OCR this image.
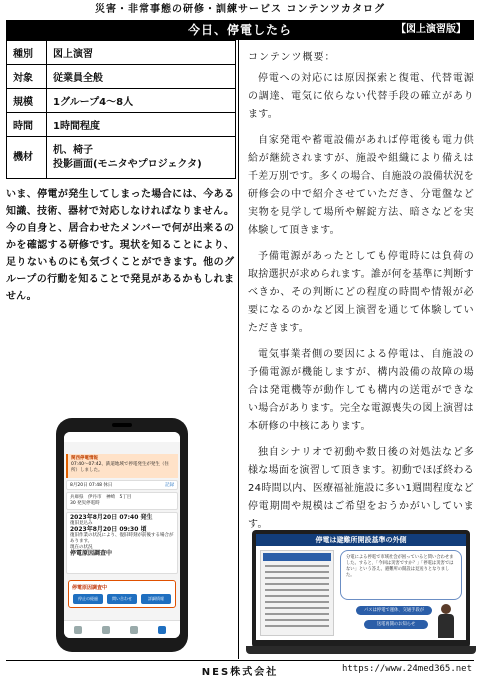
災害・非常事態の研修・訓練サービス コンテンツカタログ
今日、停電したら	【図上演習版】
種別	図上演習
対象	従業員全般
規模	1グループ4～8人
時間	1時間程度
機材	机、椅子
投影画面(モニタやプロジェクタ)
いま、停電が発生してしまった場合には、今ある知識、技術、器材で対応しなければなりません。今の自身と、居合わせたメンバーで何が出来るのかを確認する研修です。現状を知ることにより、足りないものにも気づくことができます。他のグループの行動を知ることで発見があるかもしれません。
関西停電情報
07:40～07:42、鉄道地域で停電発生が発生（住所）しました。
8月20日 07:48 休日	記録
兵庫県　伊丹市　神崎　5丁目
30 発災停電時
2023年8月20日 07:40 発生
復旧見込み
2023年8月20日 09:30 頃
復旧作業の状況により、復旧時刻が前後する場合があります。
現在の状況
停電原因調査中
停電原因調査中
停止の経過	問い合わせ	詳細情報
コンテンツ概要：

停電への対応には原因探索と復電、代替電源の調達、電気に依らない代替手段の確立があります。

自家発電や蓄電設備があれば停電後も電力供給が継続されますが、施設や組織により備えは千差万別です。多くの場合、自施設の設備状況を研修会の中で紹介させていただき、分電盤など実物を見学して場所や解錠方法、暗さなどを実体験して頂きます。

予備電源があったとしても停電時には負荷の取捨選択が求められます。誰が何を基準に判断すべきか、その判断にどの程度の時間や情報が必要になるのかなど図上演習を通じて体験していただきます。

電気事業者側の要因による停電は、自施設の予備電源が機能しますが、構内設備の故障の場合は発電機等が動作しても構内の送電ができない場合があります。完全な電源喪失の図上演習は本研修の中核にあります。

独自シナリオで初動や数日後の対処法など多様な場面を演習して頂きます。初動でほぼ終わる24時間以内、医療福祉施設に多い1週間程度など停電期間や規模はご希望をおうかがいしています。

停電は避難所開設基準の外側
分電による停電で市域社会が困っていると問い合わせました。すると、「今回は災害ですか？」「停電は災害ではない」という答え。避難所の開設は見送りとなりました。
パスは停電で運休、交通手段が
送電再開のお知らせ
NES株式会社	https://www.24med365.net
